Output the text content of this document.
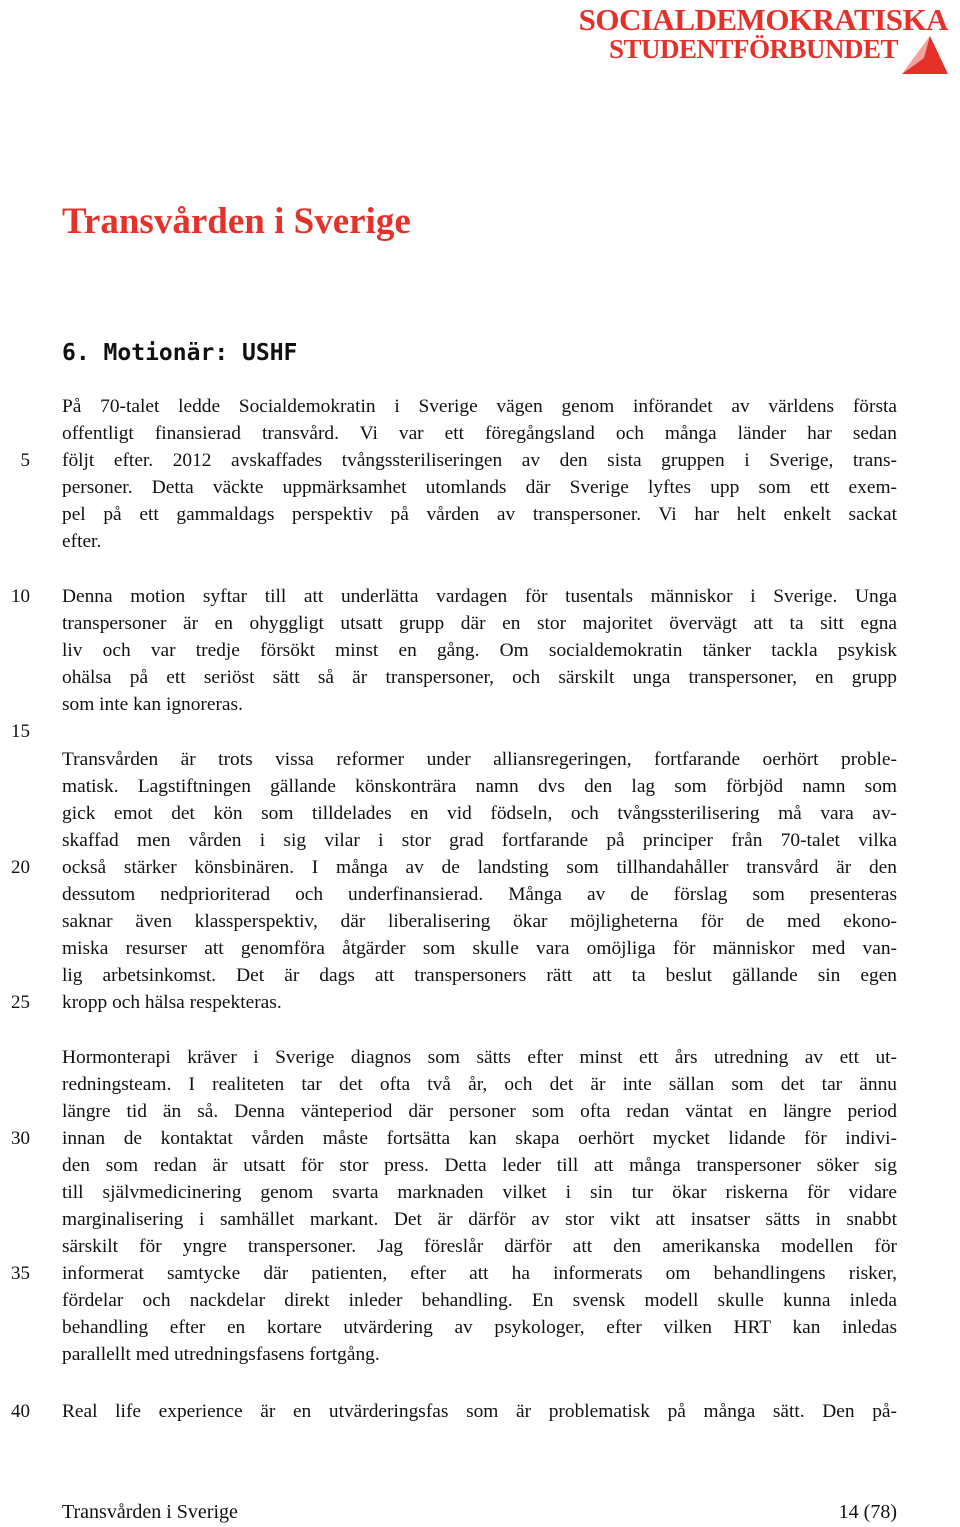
SOCIALDEMOKRATISKA
STUDENTFÖRBUNDET
Transvården i Sverige
6. Motionär: USHF
På 70-talet ledde Socialdemokratin i Sverige vägen genom införandet av världens första
offentligt finansierad transvård. Vi var ett föregångsland och många länder har sedan
följt efter. 2012 avskaffades tvångssteriliseringen av den sista gruppen i Sverige, trans-
personer. Detta väckte uppmärksamhet utomlands där Sverige lyftes upp som ett exem-
pel på ett gammaldags perspektiv på vården av transpersoner. Vi har helt enkelt sackat
efter.
Denna motion syftar till att underlätta vardagen för tusentals människor i Sverige. Unga
transpersoner är en ohyggligt utsatt grupp där en stor majoritet övervägt att ta sitt egna
liv och var tredje försökt minst en gång. Om socialdemokratin tänker tackla psykisk
ohälsa på ett seriöst sätt så är transpersoner, och särskilt unga transpersoner, en grupp
som inte kan ignoreras.
Transvården är trots vissa reformer under alliansregeringen, fortfarande oerhört proble-
matisk. Lagstiftningen gällande könskonträra namn dvs den lag som förbjöd namn som
gick emot det kön som tilldelades en vid födseln, och tvångssterilisering må vara av-
skaffad men vården i sig vilar i stor grad fortfarande på principer från 70-talet vilka
också stärker könsbinären. I många av de landsting som tillhandahåller transvård är den
dessutom nedprioriterad och underfinansierad. Många av de förslag som presenteras
saknar även klassperspektiv, där liberalisering ökar möjligheterna för de med ekono-
miska resurser att genomföra åtgärder som skulle vara omöjliga för människor med van-
lig arbetsinkomst. Det är dags att transpersoners rätt att ta beslut gällande sin egen
kropp och hälsa respekteras.
Hormonterapi kräver i Sverige diagnos som sätts efter minst ett års utredning av ett ut-
redningsteam. I realiteten tar det ofta två år, och det är inte sällan som det tar ännu
längre tid än så. Denna vänteperiod där personer som ofta redan väntat en längre period
innan de kontaktat vården måste fortsätta kan skapa oerhört mycket lidande för indivi-
den som redan är utsatt för stor press. Detta leder till att många transpersoner söker sig
till självmedicinering genom svarta marknaden vilket i sin tur ökar riskerna för vidare
marginalisering i samhället markant. Det är därför av stor vikt att insatser sätts in snabbt
särskilt för yngre transpersoner. Jag föreslår därför att den amerikanska modellen för
informerat samtycke där patienten, efter att ha informerats om behandlingens risker,
fördelar och nackdelar direkt inleder behandling. En svensk modell skulle kunna inleda
behandling efter en kortare utvärdering av psykologer, efter vilken HRT kan inledas
parallellt med utredningsfasens fortgång.
Real life experience är en utvärderingsfas som är problematisk på många sätt. Den på-
5
10
15
20
25
30
35
40
Transvården i Sverige	14 (78)
